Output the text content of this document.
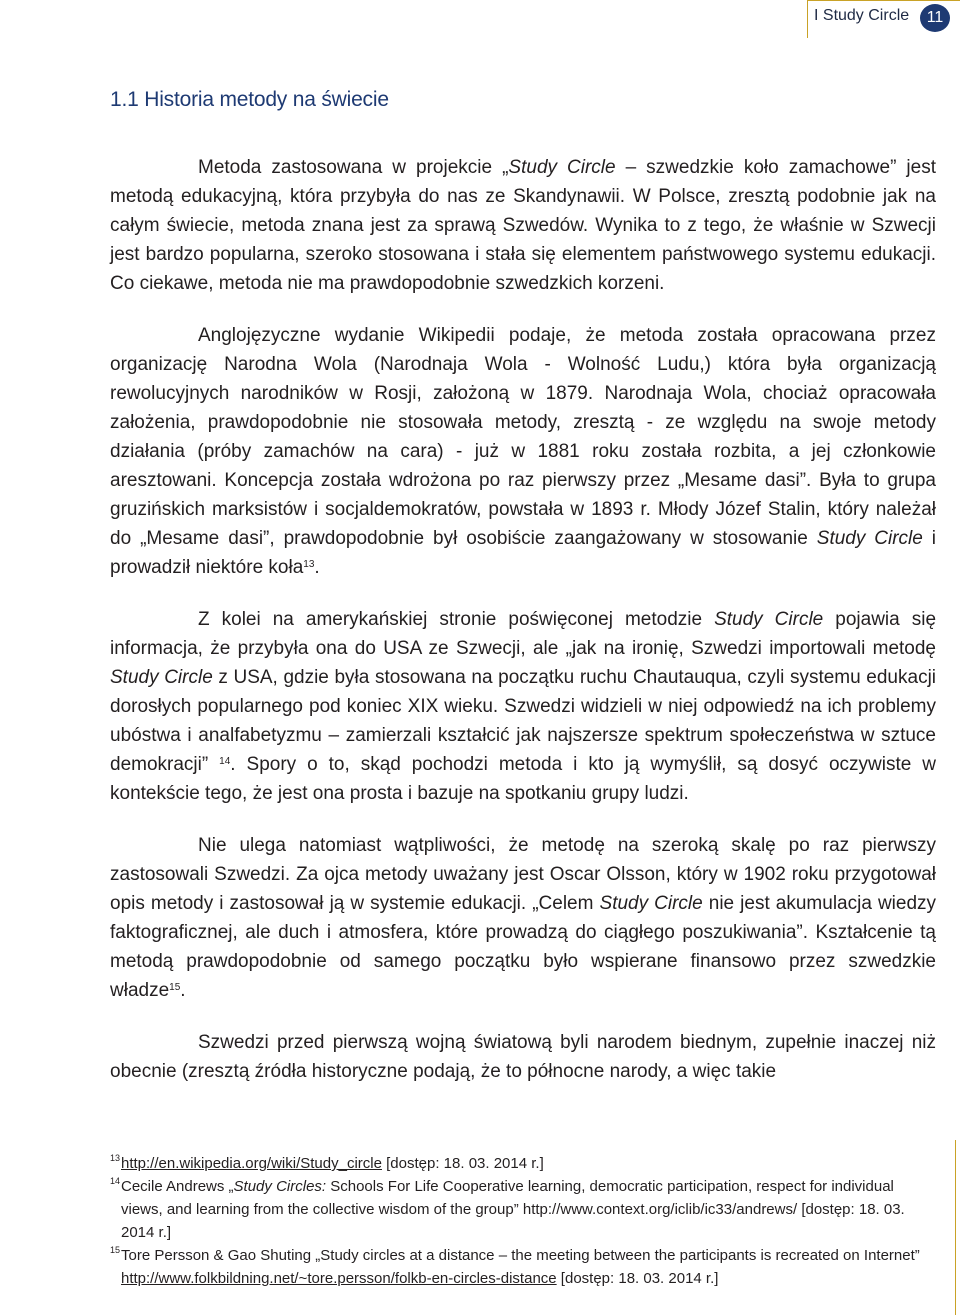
I Study Circle	11
1.1 Historia metody na świecie

Metoda zastosowana w projekcie „Study Circle – szwedzkie koło zamachowe” jest metodą edukacyjną, która przybyła do nas ze Skandynawii. W Polsce, zresztą podobnie jak na całym świecie, metoda znana jest za sprawą Szwedów. Wynika to z tego, że właśnie w Szwecji jest bardzo popularna, szeroko stosowana i stała się elementem państwowego systemu edukacji. Co ciekawe, metoda nie ma prawdopodobnie szwedzkich korzeni.

Anglojęzyczne wydanie Wikipedii podaje, że metoda została opracowana przez organizację Narodna Wola (Narodnaja Wola - Wolność Ludu,) która była organizacją rewolucyjnych narodników w Rosji, założoną w 1879. Narodnaja Wola, chociaż opracowała założenia, prawdopodobnie nie stosowała metody, zresztą - ze względu na swoje metody działania (próby zamachów na cara) - już w 1881 roku została rozbita, a jej członkowie aresztowani. Koncepcja została wdrożona po raz pierwszy przez „Mesame dasi”. Była to grupa gruzińskich marksistów i socjaldemokratów, powstała w 1893 r. Młody Józef Stalin, który należał do „Mesame dasi”, prawdopodobnie był osobiście zaangażowany w stosowanie Study Circle i prowadził niektóre koła$^{13}$.

Z kolei na amerykańskiej stronie poświęconej metodzie Study Circle pojawia się informacja, że przybyła ona do USA ze Szwecji, ale „jak na ironię, Szwedzi importowali metodę Study Circle z USA, gdzie była stosowana na początku ruchu Chautauqua, czyli systemu edukacji dorosłych popularnego pod koniec XIX wieku. Szwedzi widzieli w niej odpowiedź na ich problemy ubóstwa i analfabetyzmu – zamierzali kształcić jak najszersze spektrum społeczeństwa w sztuce demokracji” $^{14}$. Spory o to, skąd pochodzi metoda i kto ją wymyślił, są dosyć oczywiste w kontekście tego, że jest ona prosta i bazuje na spotkaniu grupy ludzi.

Nie ulega natomiast wątpliwości, że metodę na szeroką skalę po raz pierwszy zastosowali Szwedzi. Za ojca metody uważany jest Oscar Olsson, który w 1902 roku przygotował opis metody i zastosował ją w systemie edukacji. „Celem Study Circle nie jest akumulacja wiedzy faktograficznej, ale duch i atmosfera, które prowadzą do ciągłego poszukiwania”. Kształcenie tą metodą prawdopodobnie od samego początku było wspierane finansowo przez szwedzkie władze$^{15}$.

Szwedzi przed pierwszą wojną światową byli narodem biednym, zupełnie inaczej niż obecnie (zresztą źródła historyczne podają, że to północne narody, a więc takie

13 http://en.wikipedia.org/wiki/Study_circle [dostęp: 18. 03. 2014 r.]

14 Cecile Andrews „Study Circles: Schools For Life Cooperative learning, democratic participation, respect for individual views, and learning from the collective wisdom of the group” http://www.context.org/iclib/ic33/andrews/ [dostęp: 18. 03. 2014 r.]

15 Tore Persson & Gao Shuting „Study circles at a distance – the meeting between the participants is recreated on Internet” http://www.folkbildning.net/~tore.persson/folkb-en-circles-distance [dostęp: 18. 03. 2014 r.]
